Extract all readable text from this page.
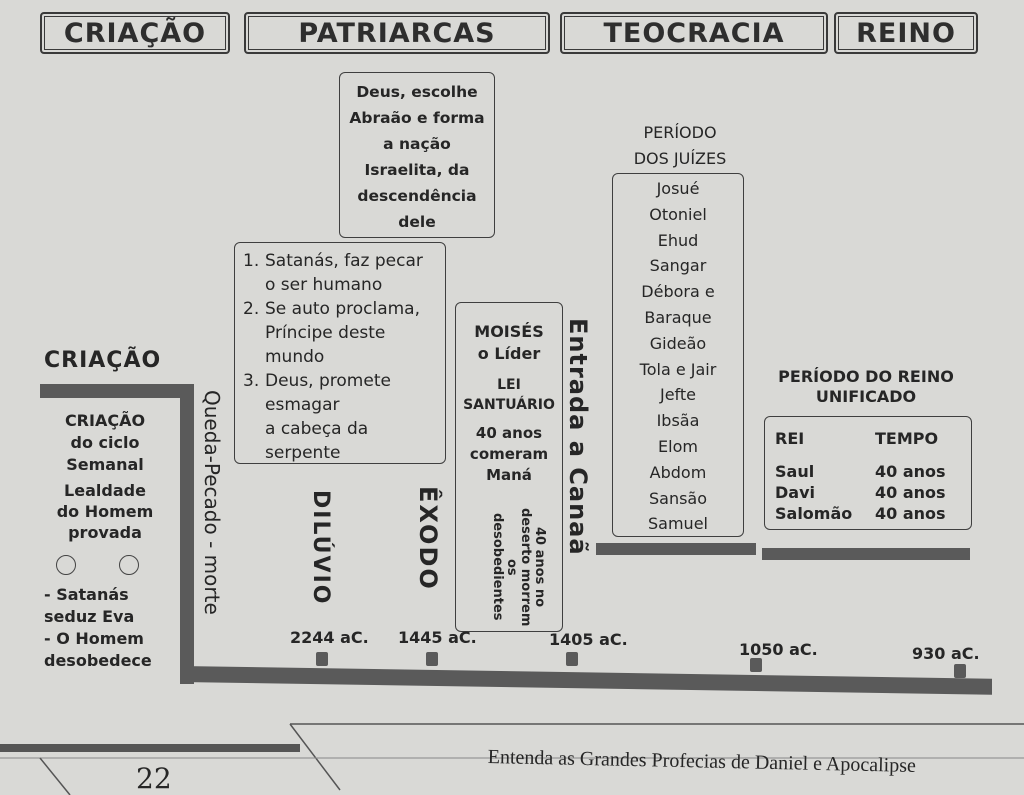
CRIAÇÃO	PATRIARCAS	TEOCRACIA	REINO
Deus, escolhe
Abraão e forma
a nação
Israelita, da
descendência
dele
1. Satanás, faz pecar
o ser humano
2. Se auto proclama,
Príncipe deste
mundo
3. Deus, promete
esmagar
a cabeça da
serpente
CRIAÇÃO
CRIAÇÃO
do ciclo
Semanal
Lealdade
do Homem
provada
- Satanás
seduz Eva
- O Homem
desobedece
Queda-Pecado - morte	DILÚVIO	ÊXODO	Entrada a Canaã
MOISÉS
o Líder
LEI
SANTUÁRIO
40 anos
comeram
Maná
40 anos no deserto morrem os desobedientes
PERÍODO
DOS JUÍZES
Josué
Otoniel
Ehud
Sangar
Débora e
Baraque
Gideão
Tola e Jair
Jefte
Ibsãa
Elom
Abdom
Sansão
Samuel
PERÍODO DO REINO
UNIFICADO
REI	TEMPO
Saul	40 anos
Davi	40 anos
Salomão	40 anos
2244 aC. 1445 aC.	1405 aC.
1050 aC.	930 aC.
22
Entenda as Grandes Profecias de Daniel e Apocalipse
